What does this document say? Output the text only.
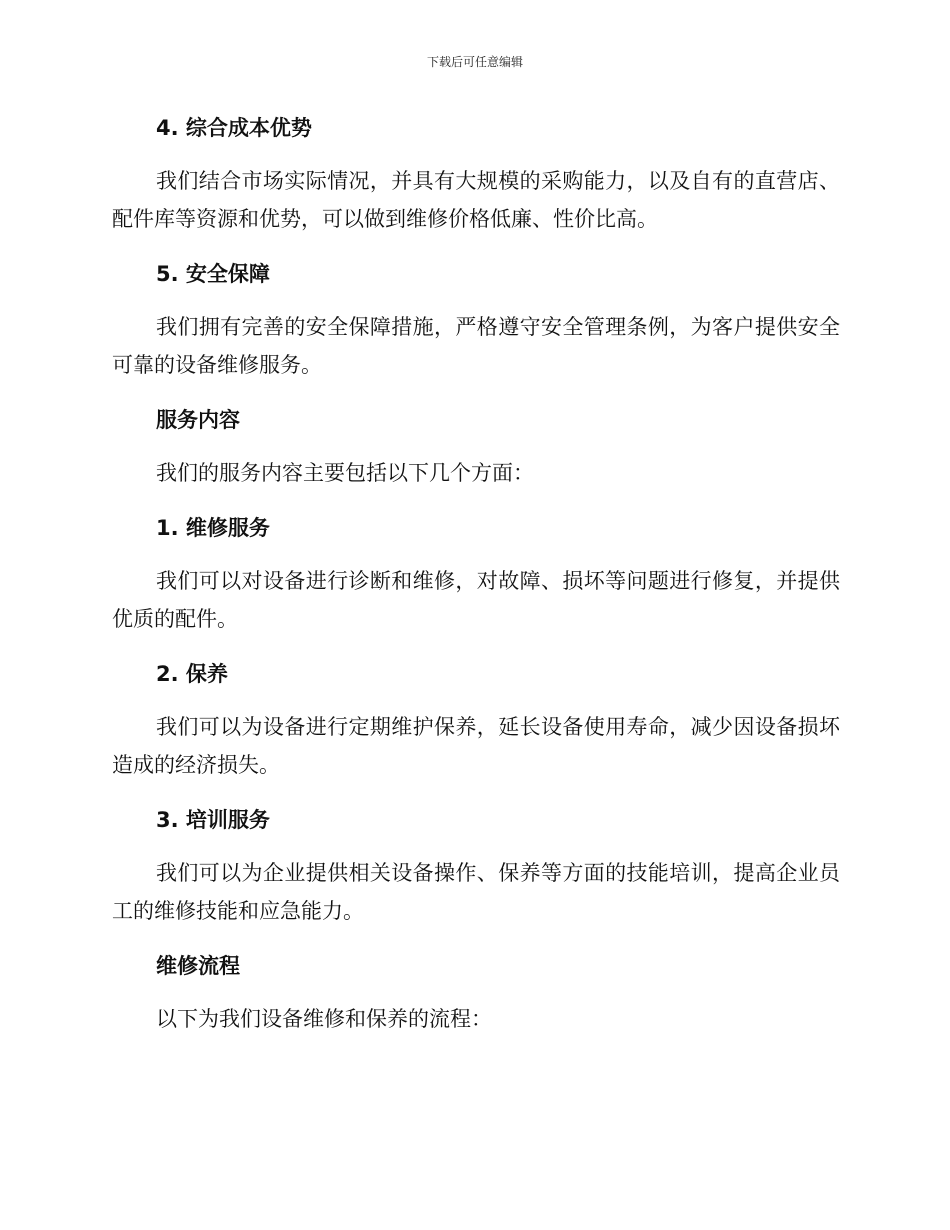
下载后可任意编辑
4. 综合成本优势

我们结合市场实际情况，并具有大规模的采购能力，以及自有的直营店、配件库等资源和优势，可以做到维修价格低廉、性价比高。

5. 安全保障

我们拥有完善的安全保障措施，严格遵守安全管理条例，为客户提供安全可靠的设备维修服务。

服务内容

我们的服务内容主要包括以下几个方面：

1. 维修服务

我们可以对设备进行诊断和维修，对故障、损坏等问题进行修复，并提供优质的配件。

2. 保养

我们可以为设备进行定期维护保养，延长设备使用寿命，减少因设备损坏造成的经济损失。

3. 培训服务

我们可以为企业提供相关设备操作、保养等方面的技能培训，提高企业员工的维修技能和应急能力。

维修流程

以下为我们设备维修和保养的流程：
